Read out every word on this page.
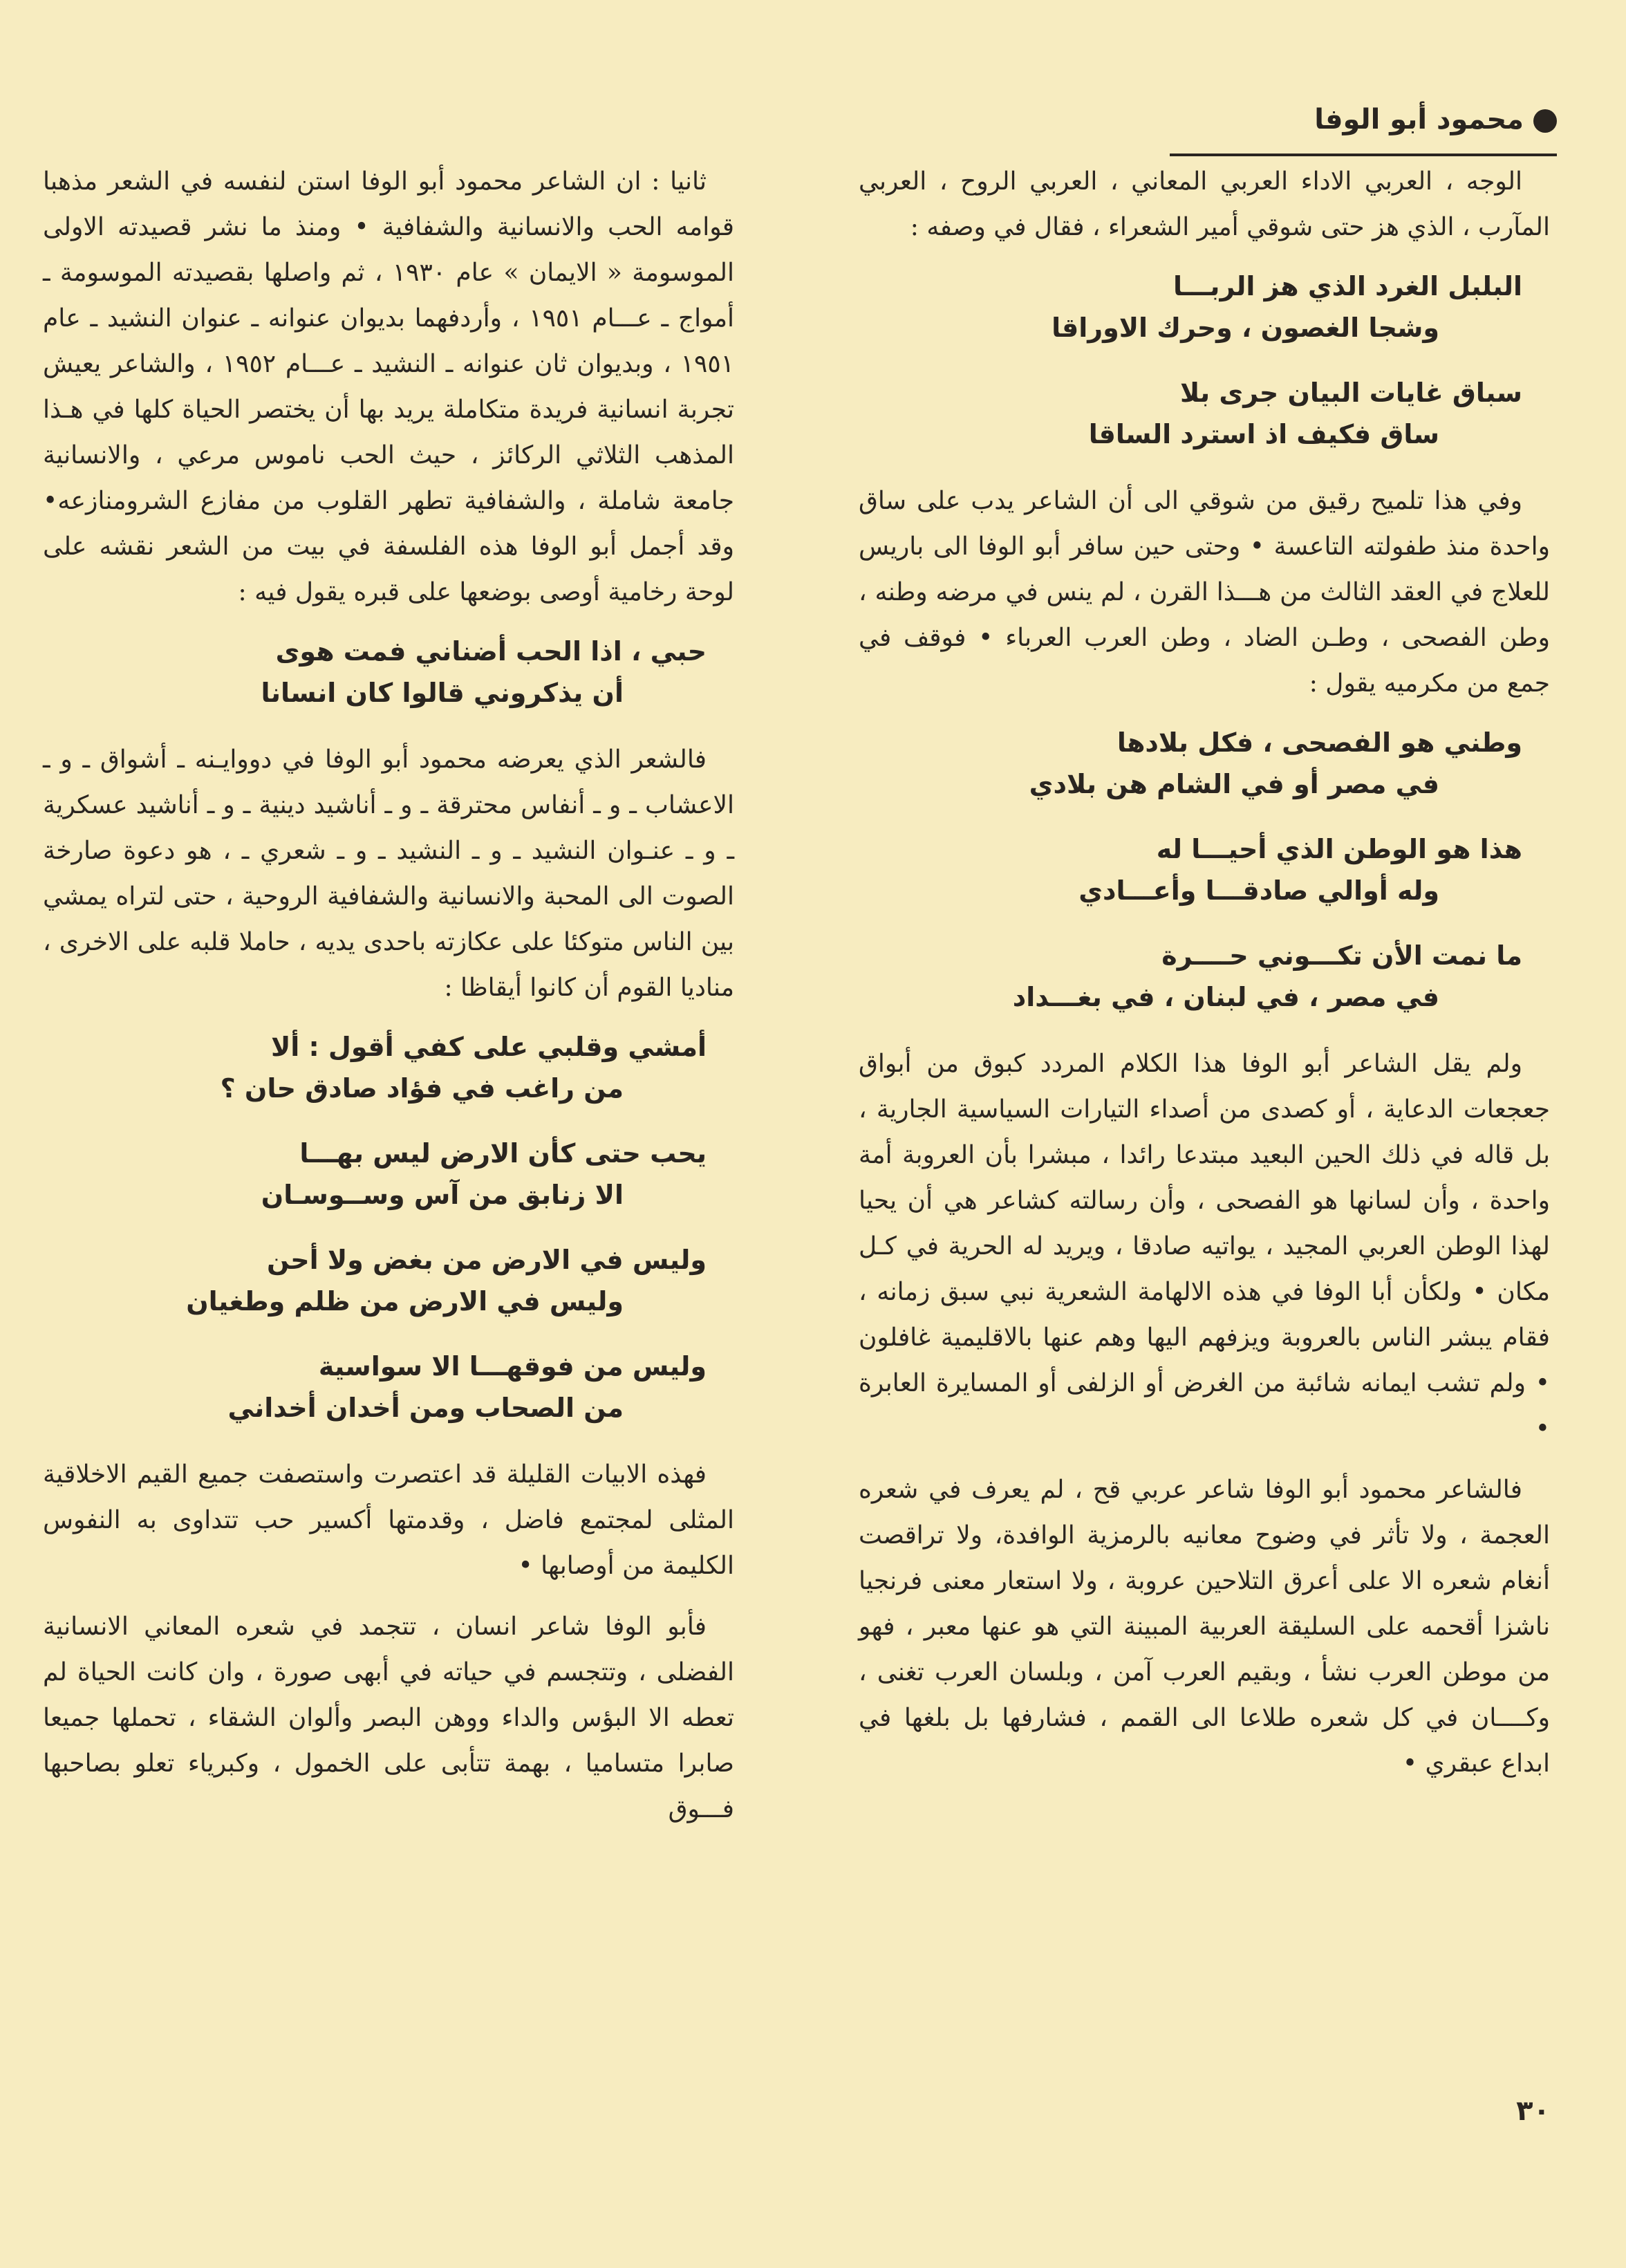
محمود أبو الوفا

الوجه ، العربي الاداء العربي المعاني ، العربي الروح ، العربي المآرب ، الذي هز حتى شوقي أمير الشعراء ، فقال في وصفه :

البلبل الغرد الذي هز الربـــا
وشجا الغصون ، وحرك الاوراقا
سباق غايات البيان جرى بلا
ساق فكيف اذ استرد الساقا

وفي هذا تلميح رقيق من شوقي الى أن الشاعر يدب على ساق واحدة منذ طفولته التاعسة • وحتى حين سافر أبو الوفا الى باريس للعلاج في العقد الثالث من هـــذا القرن ، لم ينس في مرضه وطنه ، وطن الفصحى ، وطـن الضاد ، وطن العرب العرباء • فوقف في جمع من مكرميه يقول :

وطني هو الفصحى ، فكل بلادها
في مصر أو في الشام هن بلادي
هذا هو الوطن الذي أحيـــا له
وله أوالي صادقـــا وأعـــادي
ما نمت الأن تكـــوني حــــرة
في مصر ، في لبنان ، في بغـــداد

ولم يقل الشاعر أبو الوفا هذا الكلام المردد كبوق من أبواق جعجعات الدعاية ، أو كصدى من أصداء التيارات السياسية الجارية ، بل قاله في ذلك الحين البعيد مبتدعا رائدا ، مبشرا بأن العروبة أمة واحدة ، وأن لسانها هو الفصحى ، وأن رسالته كشاعر هي أن يحيا لهذا الوطن العربي المجيد ، يواتيه صادقا ، ويريد له الحرية في كـل مكان • ولكأن أبا الوفا في هذه الالهامة الشعرية نبي سبق زمانه ، فقام يبشر الناس بالعروبة ويزفهم اليها وهم عنها بالاقليمية غافلون • ولم تشب ايمانه شائبة من الغرض أو الزلفى أو المسايرة العابرة •

فالشاعر محمود أبو الوفا شاعر عربي قح ، لم يعرف في شعره العجمة ، ولا تأثر في وضوح معانيه بالرمزية الوافدة، ولا تراقصت أنغام شعره الا على أعرق التلاحين عروبة ، ولا استعار معنى فرنجيا ناشزا أقحمه على السليقة العربية المبينة التي هو عنها معبر ، فهو من موطن العرب نشأ ، وبقيم العرب آمن ، وبلسان العرب تغنى ، وكــــان في كل شعره طلاعا الى القمم ، فشارفها بل بلغها في ابداع عبقري •

ثانيا : ان الشاعر محمود أبو الوفا استن لنفسه في الشعر مذهبا قوامه الحب والانسانية والشفافية • ومنذ ما نشر قصيدته الاولى الموسومة « الايمان » عام ١٩٣٠ ، ثم واصلها بقصيدته الموسومة ـ أمواج ـ عـــام ١٩٥١ ، وأردفهما بديوان عنوانه ـ عنوان النشيد ـ عام ١٩٥١ ، وبديوان ثان عنوانه ـ النشيد ـ عـــام ١٩٥٢ ، والشاعر يعيش تجربة انسانية فريدة متكاملة يريد بها أن يختصر الحياة كلها في هـذا المذهب الثلاثي الركائز ، حيث الحب ناموس مرعي ، والانسانية جامعة شاملة ، والشفافية تطهر القلوب من مفازع الشرومنازعه• وقد أجمل أبو الوفا هذه الفلسفة في بيت من الشعر نقشه على لوحة رخامية أوصى بوضعها على قبره يقول فيه :

حبي ، اذا الحب أضناني فمت هوى
أن يذكروني قالوا كان انسانا

فالشعر الذي يعرضه محمود أبو الوفا في دووايـنه ـ أشواق ـ و ـ الاعشاب ـ و ـ أنفاس محترقة ـ و ـ أناشيد دينية ـ و ـ أناشيد عسكرية ـ و ـ عنـوان النشيد ـ و ـ النشيد ـ و ـ شعري ـ ، هو دعوة صارخة الصوت الى المحبة والانسانية والشفافية الروحية ، حتى لتراه يمشي بين الناس متوكئا على عكازته باحدى يديه ، حاملا قلبه على الاخرى ، مناديا القوم أن كانوا أيقاظا :

أمشي وقلبي على كفي أقول : ألا
من راغب في فؤاد صادق حان ؟
يحب حتى كأن الارض ليس بهـــا
الا زنابق من آس وســوسـان
وليس في الارض من بغض ولا أحن
وليس في الارض من ظلم وطغيان
وليس من فوقهـــا الا سواسية
من الصحاب ومن أخدان أخداني

فهذه الابيات القليلة قد اعتصرت واستصفت جميع القيم الاخلاقية المثلى لمجتمع فاضل ، وقدمتها أكسير حب تتداوى به النفوس الكليمة من أوصابها •

فأبو الوفا شاعر انسان ، تتجمد في شعره المعاني الانسانية الفضلى ، وتتجسم في حياته في أبهى صورة ، وان كانت الحياة لم تعطه الا البؤس والداء ووهن البصر وألوان الشقاء ، تحملها جميعا صابرا متساميا ، بهمة تتأبى على الخمول ، وكبرياء تعلو بصاحبها فـــوق

٣٠
